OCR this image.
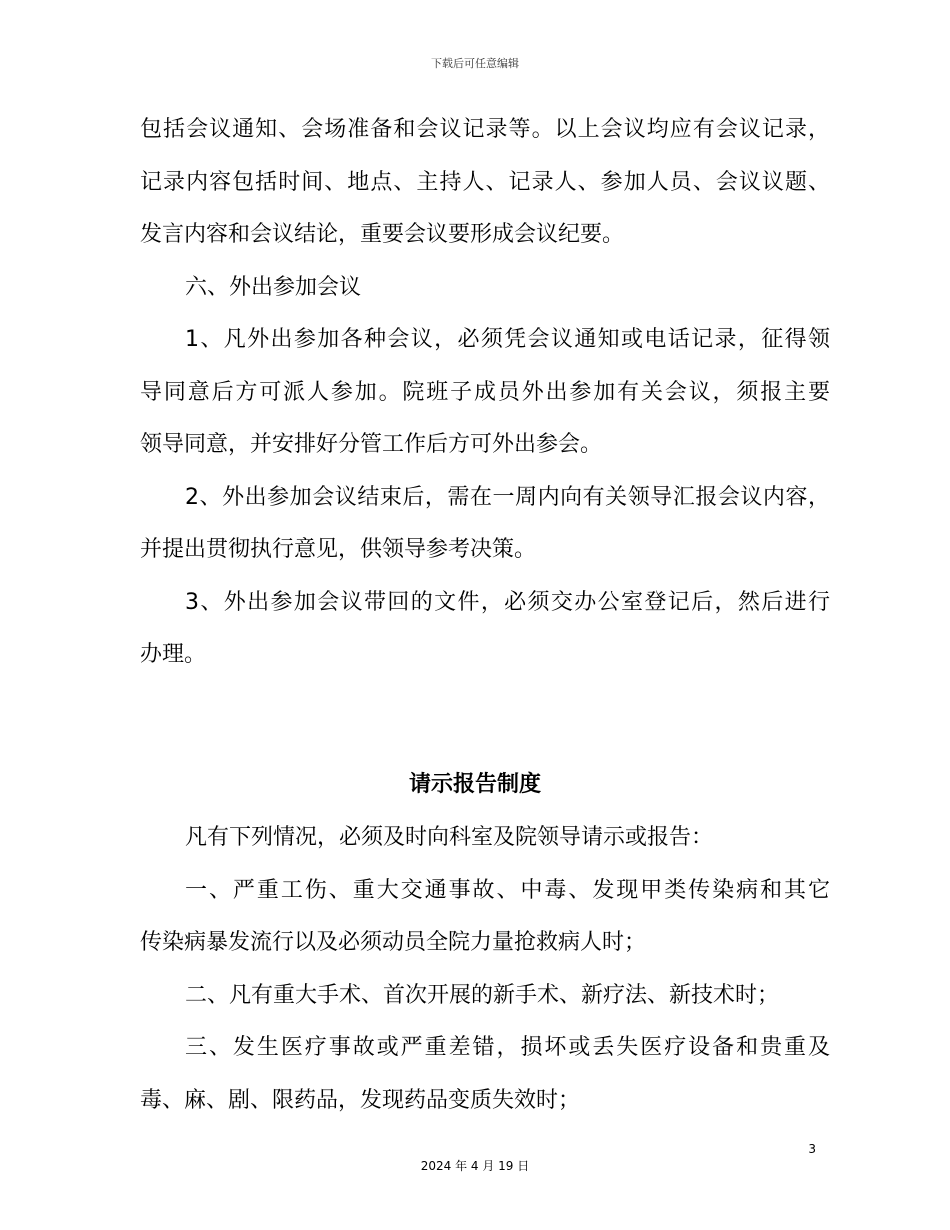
下载后可任意编辑
包括会议通知、会场准备和会议记录等。以上会议均应有会议记录，
记录内容包括时间、地点、主持人、记录人、参加人员、会议议题、
发言内容和会议结论，重要会议要形成会议纪要。
六、外出参加会议
1、凡外出参加各种会议，必须凭会议通知或电话记录，征得领
导同意后方可派人参加。院班子成员外出参加有关会议，须报主要
领导同意，并安排好分管工作后方可外出参会。
2、外出参加会议结束后，需在一周内向有关领导汇报会议内容，
并提出贯彻执行意见，供领导参考决策。
3、外出参加会议带回的文件，必须交办公室登记后，然后进行
办理。
请示报告制度
凡有下列情况，必须及时向科室及院领导请示或报告：
一、严重工伤、重大交通事故、中毒、发现甲类传染病和其它
传染病暴发流行以及必须动员全院力量抢救病人时；
二、凡有重大手术、首次开展的新手术、新疗法、新技术时；
三、发生医疗事故或严重差错，损坏或丢失医疗设备和贵重及
毒、麻、剧、限药品，发现药品变质失效时；
3
2024 年 4 月 19 日
